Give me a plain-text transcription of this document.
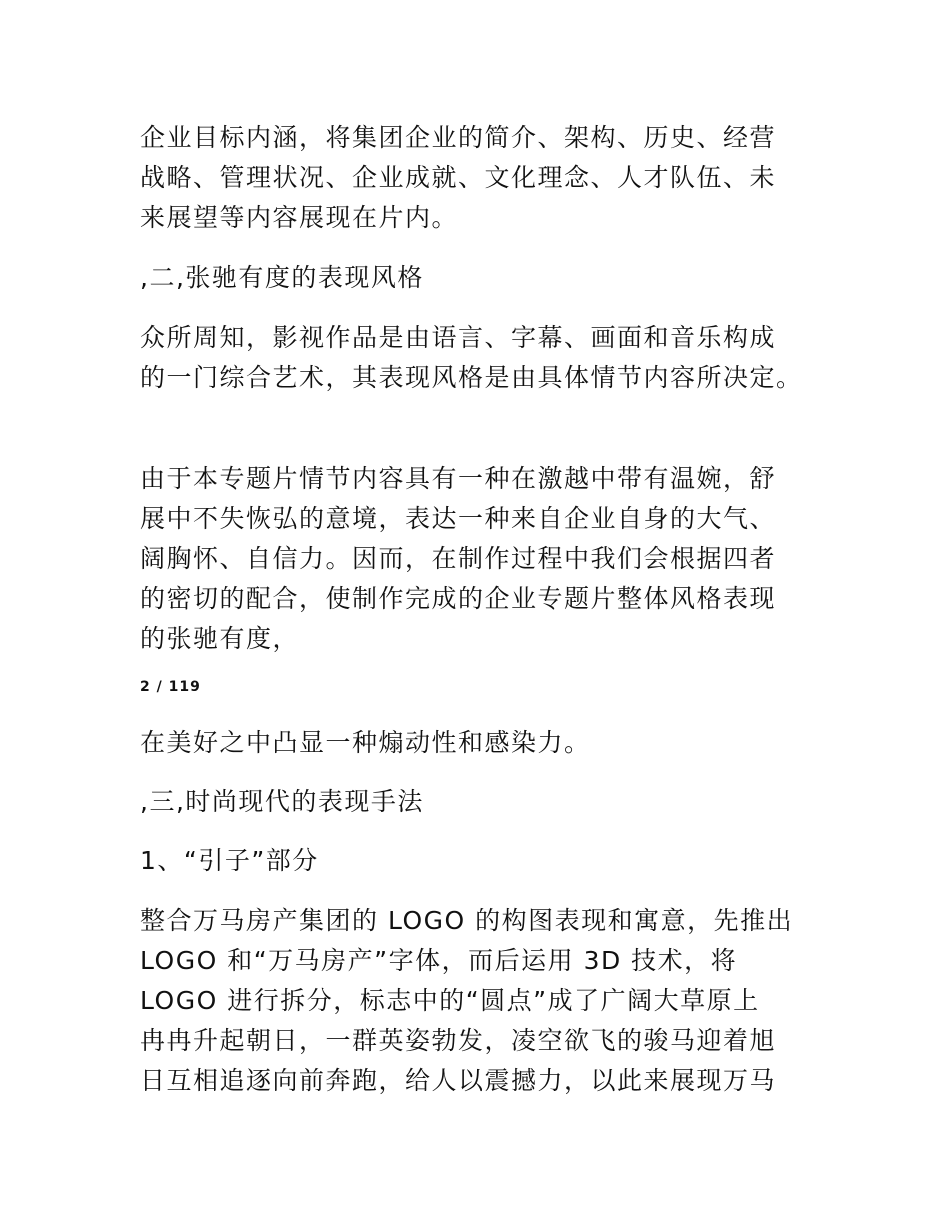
企业目标内涵，将集团企业的简介、架构、历史、经营
战略、管理状况、企业成就、文化理念、人才队伍、未
来展望等内容展现在片内。

,二,张驰有度的表现风格

众所周知，影视作品是由语言、字幕、画面和音乐构成
的一门综合艺术，其表现风格是由具体情节内容所决定。

由于本专题片情节内容具有一种在激越中带有温婉，舒
展中不失恢弘的意境，表达一种来自企业自身的大气、
阔胸怀、自信力。因而，在制作过程中我们会根据四者
的密切的配合，使制作完成的企业专题片整体风格表现
的张驰有度，

2 / 119

在美好之中凸显一种煽动性和感染力。

,三,时尚现代的表现手法

1、“引子”部分

整合万马房产集团的 LOGO 的构图表现和寓意，先推出
LOGO 和“万马房产”字体，而后运用 3D 技术，将
LOGO 进行拆分，标志中的“圆点”成了广阔大草原上
冉冉升起朝日，一群英姿勃发，凌空欲飞的骏马迎着旭
日互相追逐向前奔跑，给人以震撼力，以此来展现万马
